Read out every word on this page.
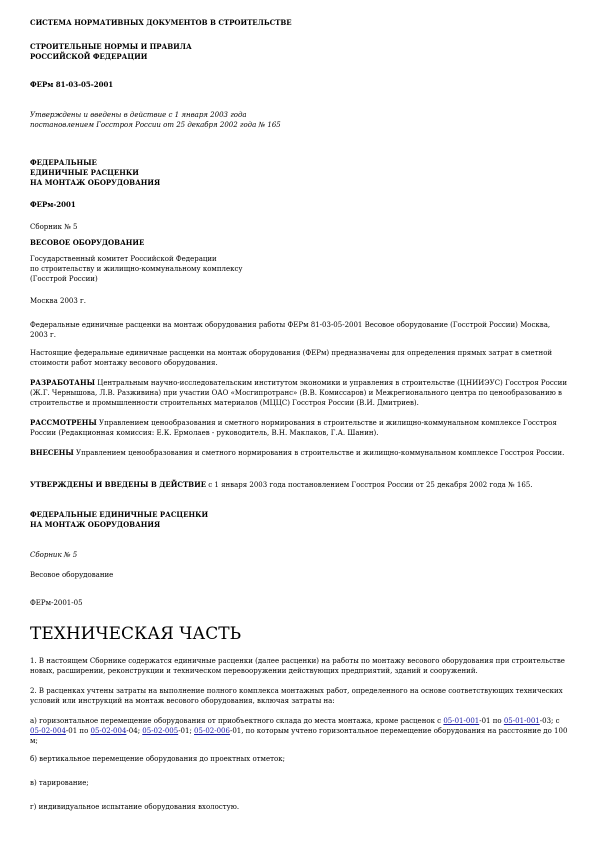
СИСТЕМА НОРМАТИВНЫХ ДОКУМЕНТОВ В СТРОИТЕЛЬСТВЕ

СТРОИТЕЛЬНЫЕ НОРМЫ И ПРАВИЛА

РОССИЙСКОЙ ФЕДЕРАЦИИ

ФЕРм 81-03-05-2001

Утверждены и введены в действие с 1 января 2003 года

постановлением Госстроя России от 25 декабря 2002 года № 165

ФЕДЕРАЛЬНЫЕ

ЕДИНИЧНЫЕ РАСЦЕНКИ

НА МОНТАЖ ОБОРУДОВАНИЯ

ФЕРм-2001

Сборник № 5

ВЕСОВОЕ ОБОРУДОВАНИЕ

Государственный комитет Российской Федерации

по строительству и жилищно-коммунальному комплексу

(Госстрой России)

Москва 2003 г.

Федеральные единичные расценки на монтаж оборудования работы ФЕРм 81-03-05-2001 Весовое оборудование (Госстрой России) Москва, 2003 г.

Настоящие федеральные единичные расценки на монтаж оборудования (ФЕРм) предназначены для определения прямых затрат в сметной стоимости работ монтажу весового оборудования.

РАЗРАБОТАНЫ Центральным научно-исследовательским институтом экономики и управления в строительстве (ЦНИИЭУС) Госстроя России (Ж.Г. Чернышова, Л.В. Разживина) при участии ОАО «Мосгипротранс» (В.В. Комиссаров) и Межрегионального центра по ценообразованию в строительстве и промышленности строительных материалов (МЦЦС) Госстроя России (В.И. Дмитриев).

РАССМОТРЕНЫ Управлением ценообразования и сметного нормирования в строительстве и жилищно-коммунальном комплексе Госстроя России (Редакционная комиссия: Е.К. Ермолаев - руководитель, В.Н. Маклаков, Г.А. Шанин).

ВНЕСЕНЫ Управлением ценообразования и сметного нормирования в строительстве и жилищно-коммунальном комплексе Госстроя России.

УТВЕРЖДЕНЫ И ВВЕДЕНЫ В ДЕЙСТВИЕ с 1 января 2003 года постановлением Госстроя России от 25 декабря 2002 года № 165.

ФЕДЕРАЛЬНЫЕ ЕДИНИЧНЫЕ РАСЦЕНКИ

НА МОНТАЖ ОБОРУДОВАНИЯ

Сборник № 5

Весовое оборудование

ФЕРм-2001-05

ТЕХНИЧЕСКАЯ ЧАСТЬ

1. В настоящем Сборнике содержатся единичные расценки (далее расценки) на работы по монтажу весового оборудования при строительстве новых, расширении, реконструкции и техническом перевооружении действующих предприятий, зданий и сооружений.

2. В расценках учтены затраты на выполнение полного комплекса монтажных работ, определенного на основе соответствующих технических условий или инструкций на монтаж весового оборудования, включая затраты на:

а) горизонтальное перемещение оборудования от приобъектного склада до места монтажа, кроме расценок с 05-01-001-01 по 05-01-001-03; с 05-02-004-01 по 05-02-004-04; 05-02-005-01; 05-02-006-01, по которым учтено горизонтальное перемещение оборудования на расстояние до 100 м;

б) вертикальное перемещение оборудования до проектных отметок;

в) тарирование;

г) индивидуальное испытание оборудования вхолостую.
